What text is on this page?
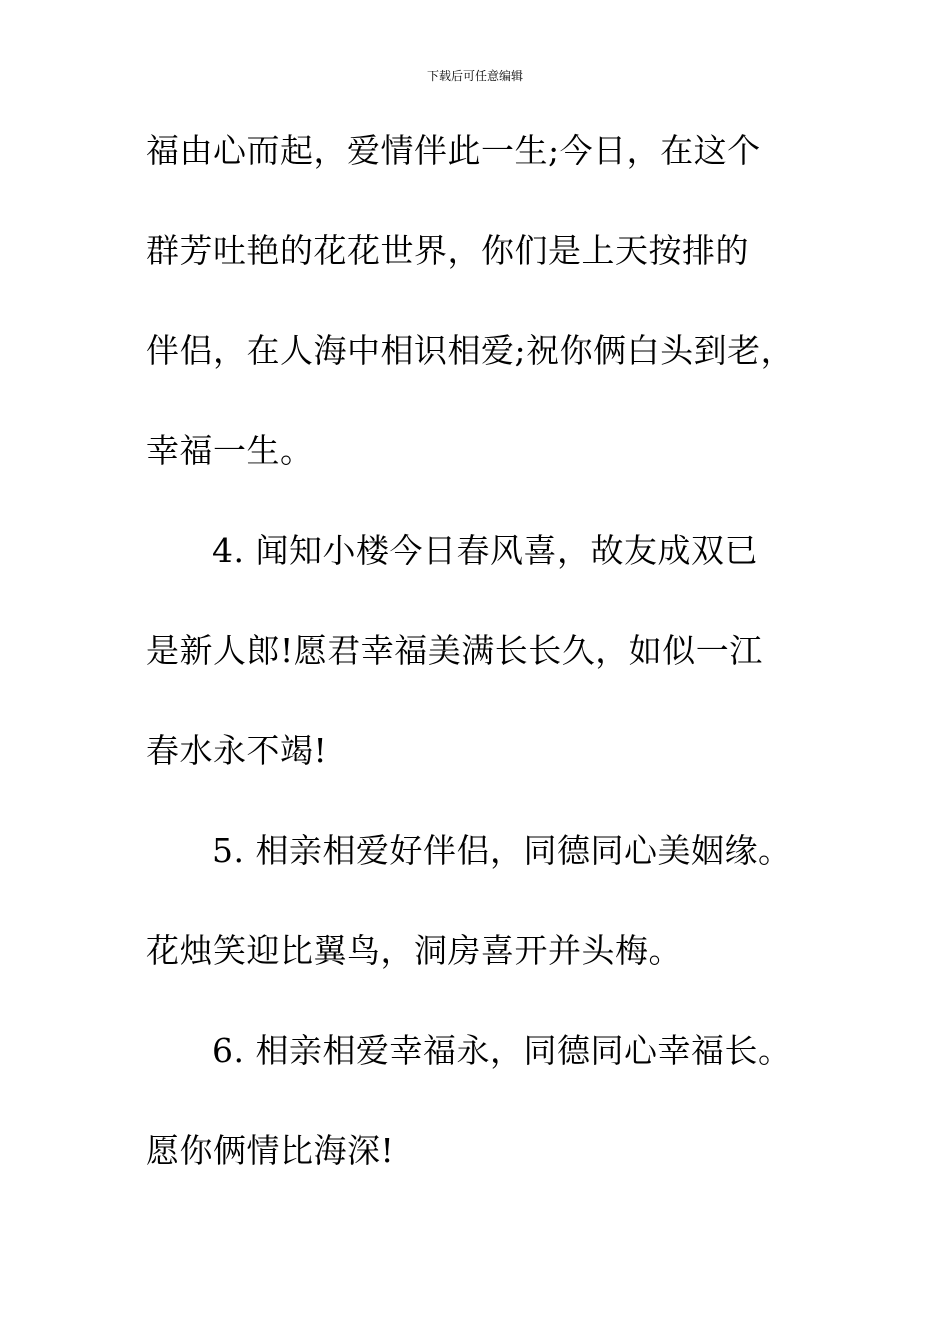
下载后可任意编辑
福由心而起，爱情伴此一生;今日，在这个
群芳吐艳的花花世界，你们是上天按排的
伴侣，在人海中相识相爱;祝你俩白头到老，
幸福一生。
4. 闻知小楼今日春风喜，故友成双已
是新人郎!愿君幸福美满长长久，如似一江
春水永不竭!
5. 相亲相爱好伴侣，同德同心美姻缘。
花烛笑迎比翼鸟，洞房喜开并头梅。
6. 相亲相爱幸福永，同德同心幸福长。
愿你俩情比海深!
